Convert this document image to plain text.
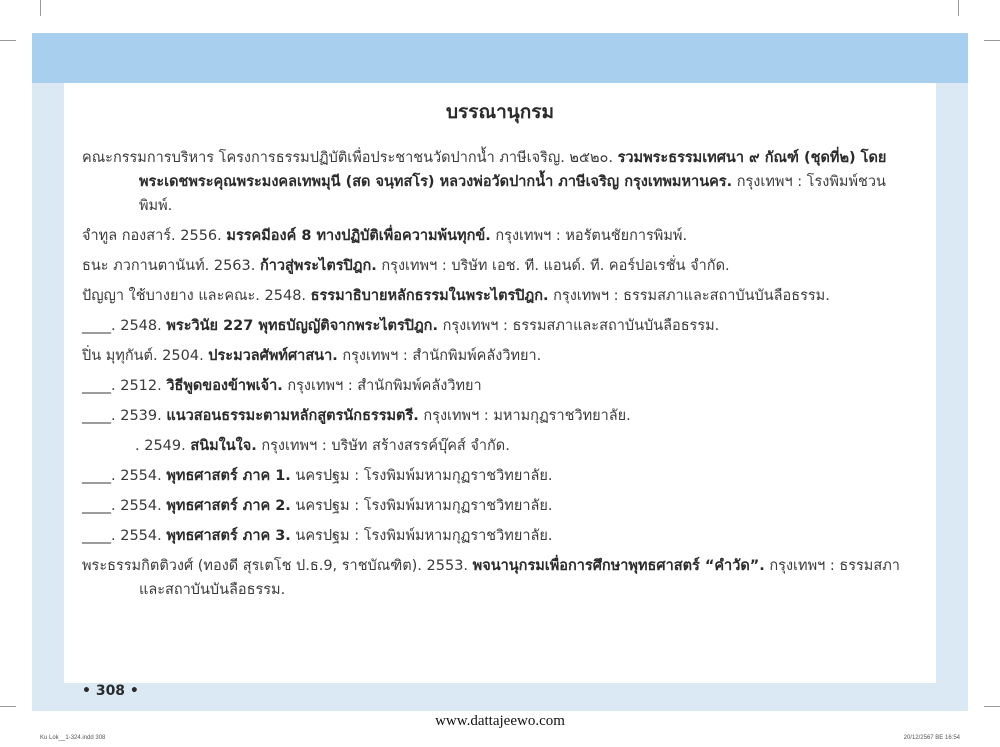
บรรณานุกรม
คณะกรรมการบริหาร โครงการธรรมปฏิบัติเพื่อประชาชนวัดปากน้ำ ภาษีเจริญ. ๒๕๒๐. รวมพระธรรมเทศนา ๙ กัณฑ์ (ชุดที่๒) โดย พระเดชพระคุณพระมงคลเทพมุนี (สด จนฺทสโร) หลวงพ่อวัดปากน้ำ ภาษีเจริญ กรุงเทพมหานคร. กรุงเทพฯ : โรงพิมพ์ชวนพิมพ์.
จำทูล กองสาร์. 2556. มรรคมีองค์ 8 ทางปฏิบัติเพื่อความพ้นทุกข์. กรุงเทพฯ : หอรัตนชัยการพิมพ์.
ธนะ ภวกานตานันท์. 2563. ก้าวสู่พระไตรปิฎก. กรุงเทพฯ : บริษัท เอช. ที. แอนด์. ที. คอร์ปอเรชั่น จำกัด.
ปัญญา ใช้บางยาง และคณะ. 2548. ธรรมาธิบายหลักธรรมในพระไตรปิฎก. กรุงเทพฯ : ธรรมสภาและสถาบันบันลือธรรม.
____. 2548. พระวินัย 227 พุทธบัญญัติจากพระไตรปิฎก. กรุงเทพฯ : ธรรมสภาและสถาบันบันลือธรรม.
ปิ่น มุทุกันต์. 2504. ประมวลศัพท์ศาสนา. กรุงเทพฯ : สำนักพิมพ์คลังวิทยา.
____. 2512. วิธีพูดของข้าพเจ้า. กรุงเทพฯ : สำนักพิมพ์คลังวิทยา
____. 2539. แนวสอนธรรมะตามหลักสูตรนักธรรมตรี. กรุงเทพฯ : มหามกุฏราชวิทยาลัย.
. 2549. สนิมในใจ. กรุงเทพฯ : บริษัท สร้างสรรค์บุ๊คส์ จำกัด.
____. 2554. พุทธศาสตร์ ภาค 1. นครปฐม : โรงพิมพ์มหามกุฏราชวิทยาลัย.
____. 2554. พุทธศาสตร์ ภาค 2. นครปฐม : โรงพิมพ์มหามกุฏราชวิทยาลัย.
____. 2554. พุทธศาสตร์ ภาค 3. นครปฐม : โรงพิมพ์มหามกุฏราชวิทยาลัย.
พระธรรมกิตติวงศ์ (ทองดี สุรเตโช ป.ธ.9, ราชบัณฑิต). 2553. พจนานุกรมเพื่อการศึกษาพุทธศาสตร์ “คำวัด”. กรุงเทพฯ : ธรรมสภาและสถาบันบันลือธรรม.
• 308 •
www.dattajeewo.com
Ku Lok__1-324.indd 308	20/12/2567 BE 16:54
